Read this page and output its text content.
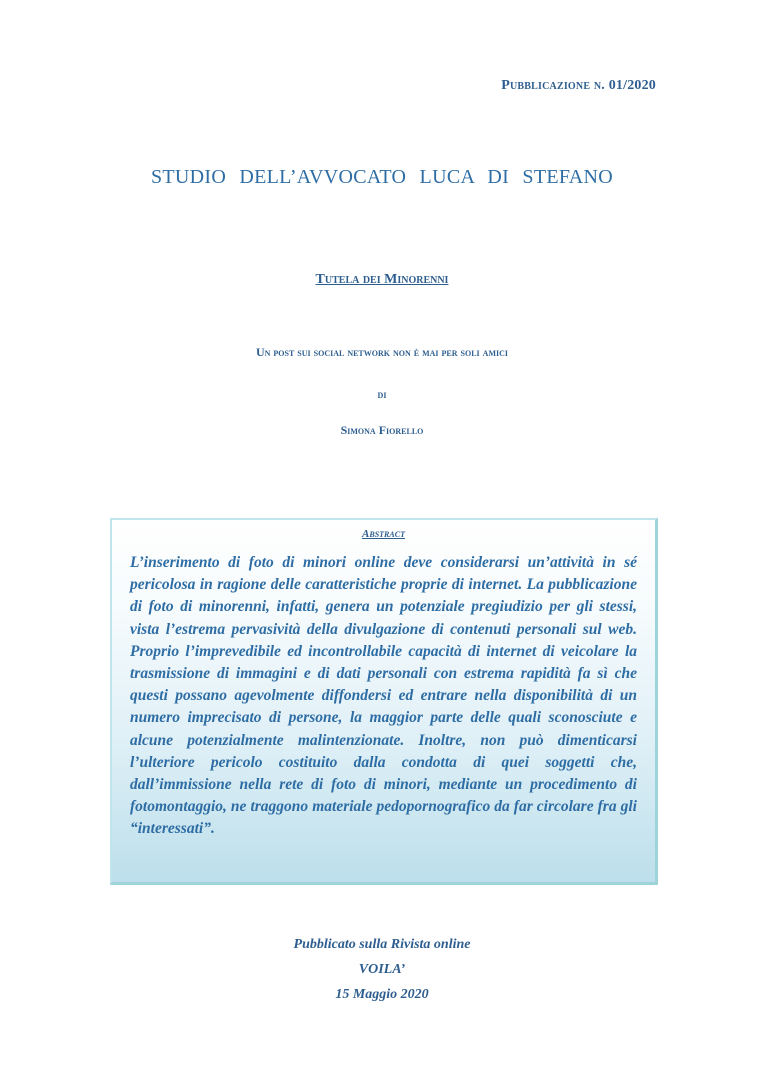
Pubblicazione n. 01/2020
STUDIO DELL’AVVOCATO LUCA DI STEFANO
Tutela dei Minorenni
Un post sui social network non è mai per soli amici
di
Simona Fiorello
Abstract
L’inserimento di foto di minori online deve considerarsi un’attività in sé pericolosa in ragione delle caratteristiche proprie di internet. La pubblicazione di foto di minorenni, infatti, genera un potenziale pregiudizio per gli stessi, vista l’estrema pervasività della divulgazione di contenuti personali sul web. Proprio l’imprevedibile ed incontrollabile capacità di internet di veicolare la trasmissione di immagini e di dati personali con estrema rapidità fa sì che questi possano agevolmente diffondersi ed entrare nella disponibilità di un numero imprecisato di persone, la maggior parte delle quali sconosciute e alcune potenzialmente malintenzionate. Inoltre, non può dimenticarsi l’ulteriore pericolo costituito dalla condotta di quei soggetti che, dall’immissione nella rete di foto di minori, mediante un procedimento di fotomontaggio, ne traggono materiale pedopornografico da far circolare fra gli “interessati”.
Pubblicato sulla Rivista online
VOILA’
15 Maggio 2020
